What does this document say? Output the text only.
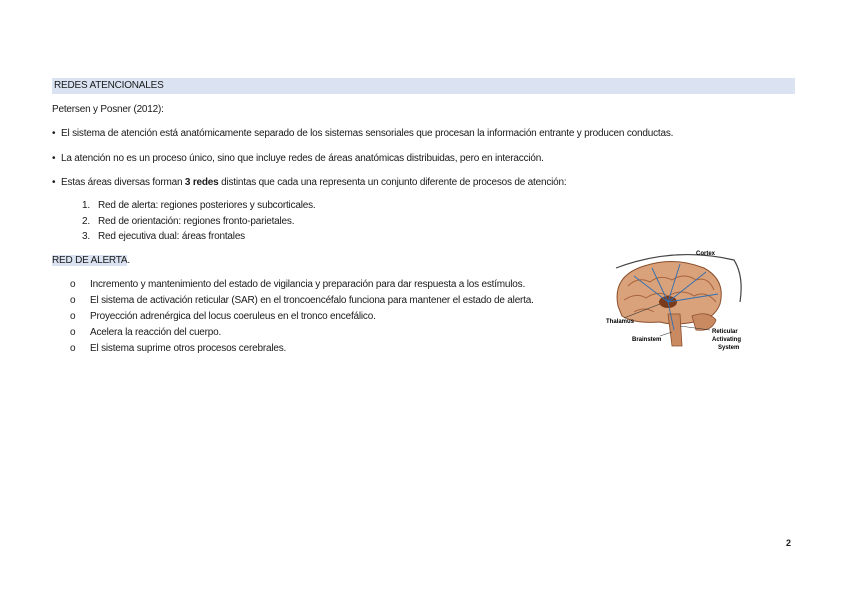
REDES ATENCIONALES
Petersen y Posner (2012):
• El sistema de atención está anatómicamente separado de los sistemas sensoriales que procesan la información entrante y producen conductas.
• La atención no es un proceso único, sino que incluye redes de áreas anatómicas distribuidas, pero en interacción.
• Estas áreas diversas forman 3 redes distintas que cada una representa un conjunto diferente de procesos de atención:
1. Red de alerta: regiones posteriores y subcorticales.
2. Red de orientación: regiones fronto-parietales.
3. Red ejecutiva dual: áreas frontales
RED DE ALERTA.
o Incremento y mantenimiento del estado de vigilancia y preparación para dar respuesta a los estímulos.
o El sistema de activación reticular (SAR) en el troncoencéfalo funciona para mantener el estado de alerta.
o Proyección adrenérgica del locus coeruleus en el tronco encefálico.
o Acelera la reacción del cuerpo.
o El sistema suprime otros procesos cerebrales.
Cortex
Thalamus
Brainstem
Reticular
Activating
System
2
